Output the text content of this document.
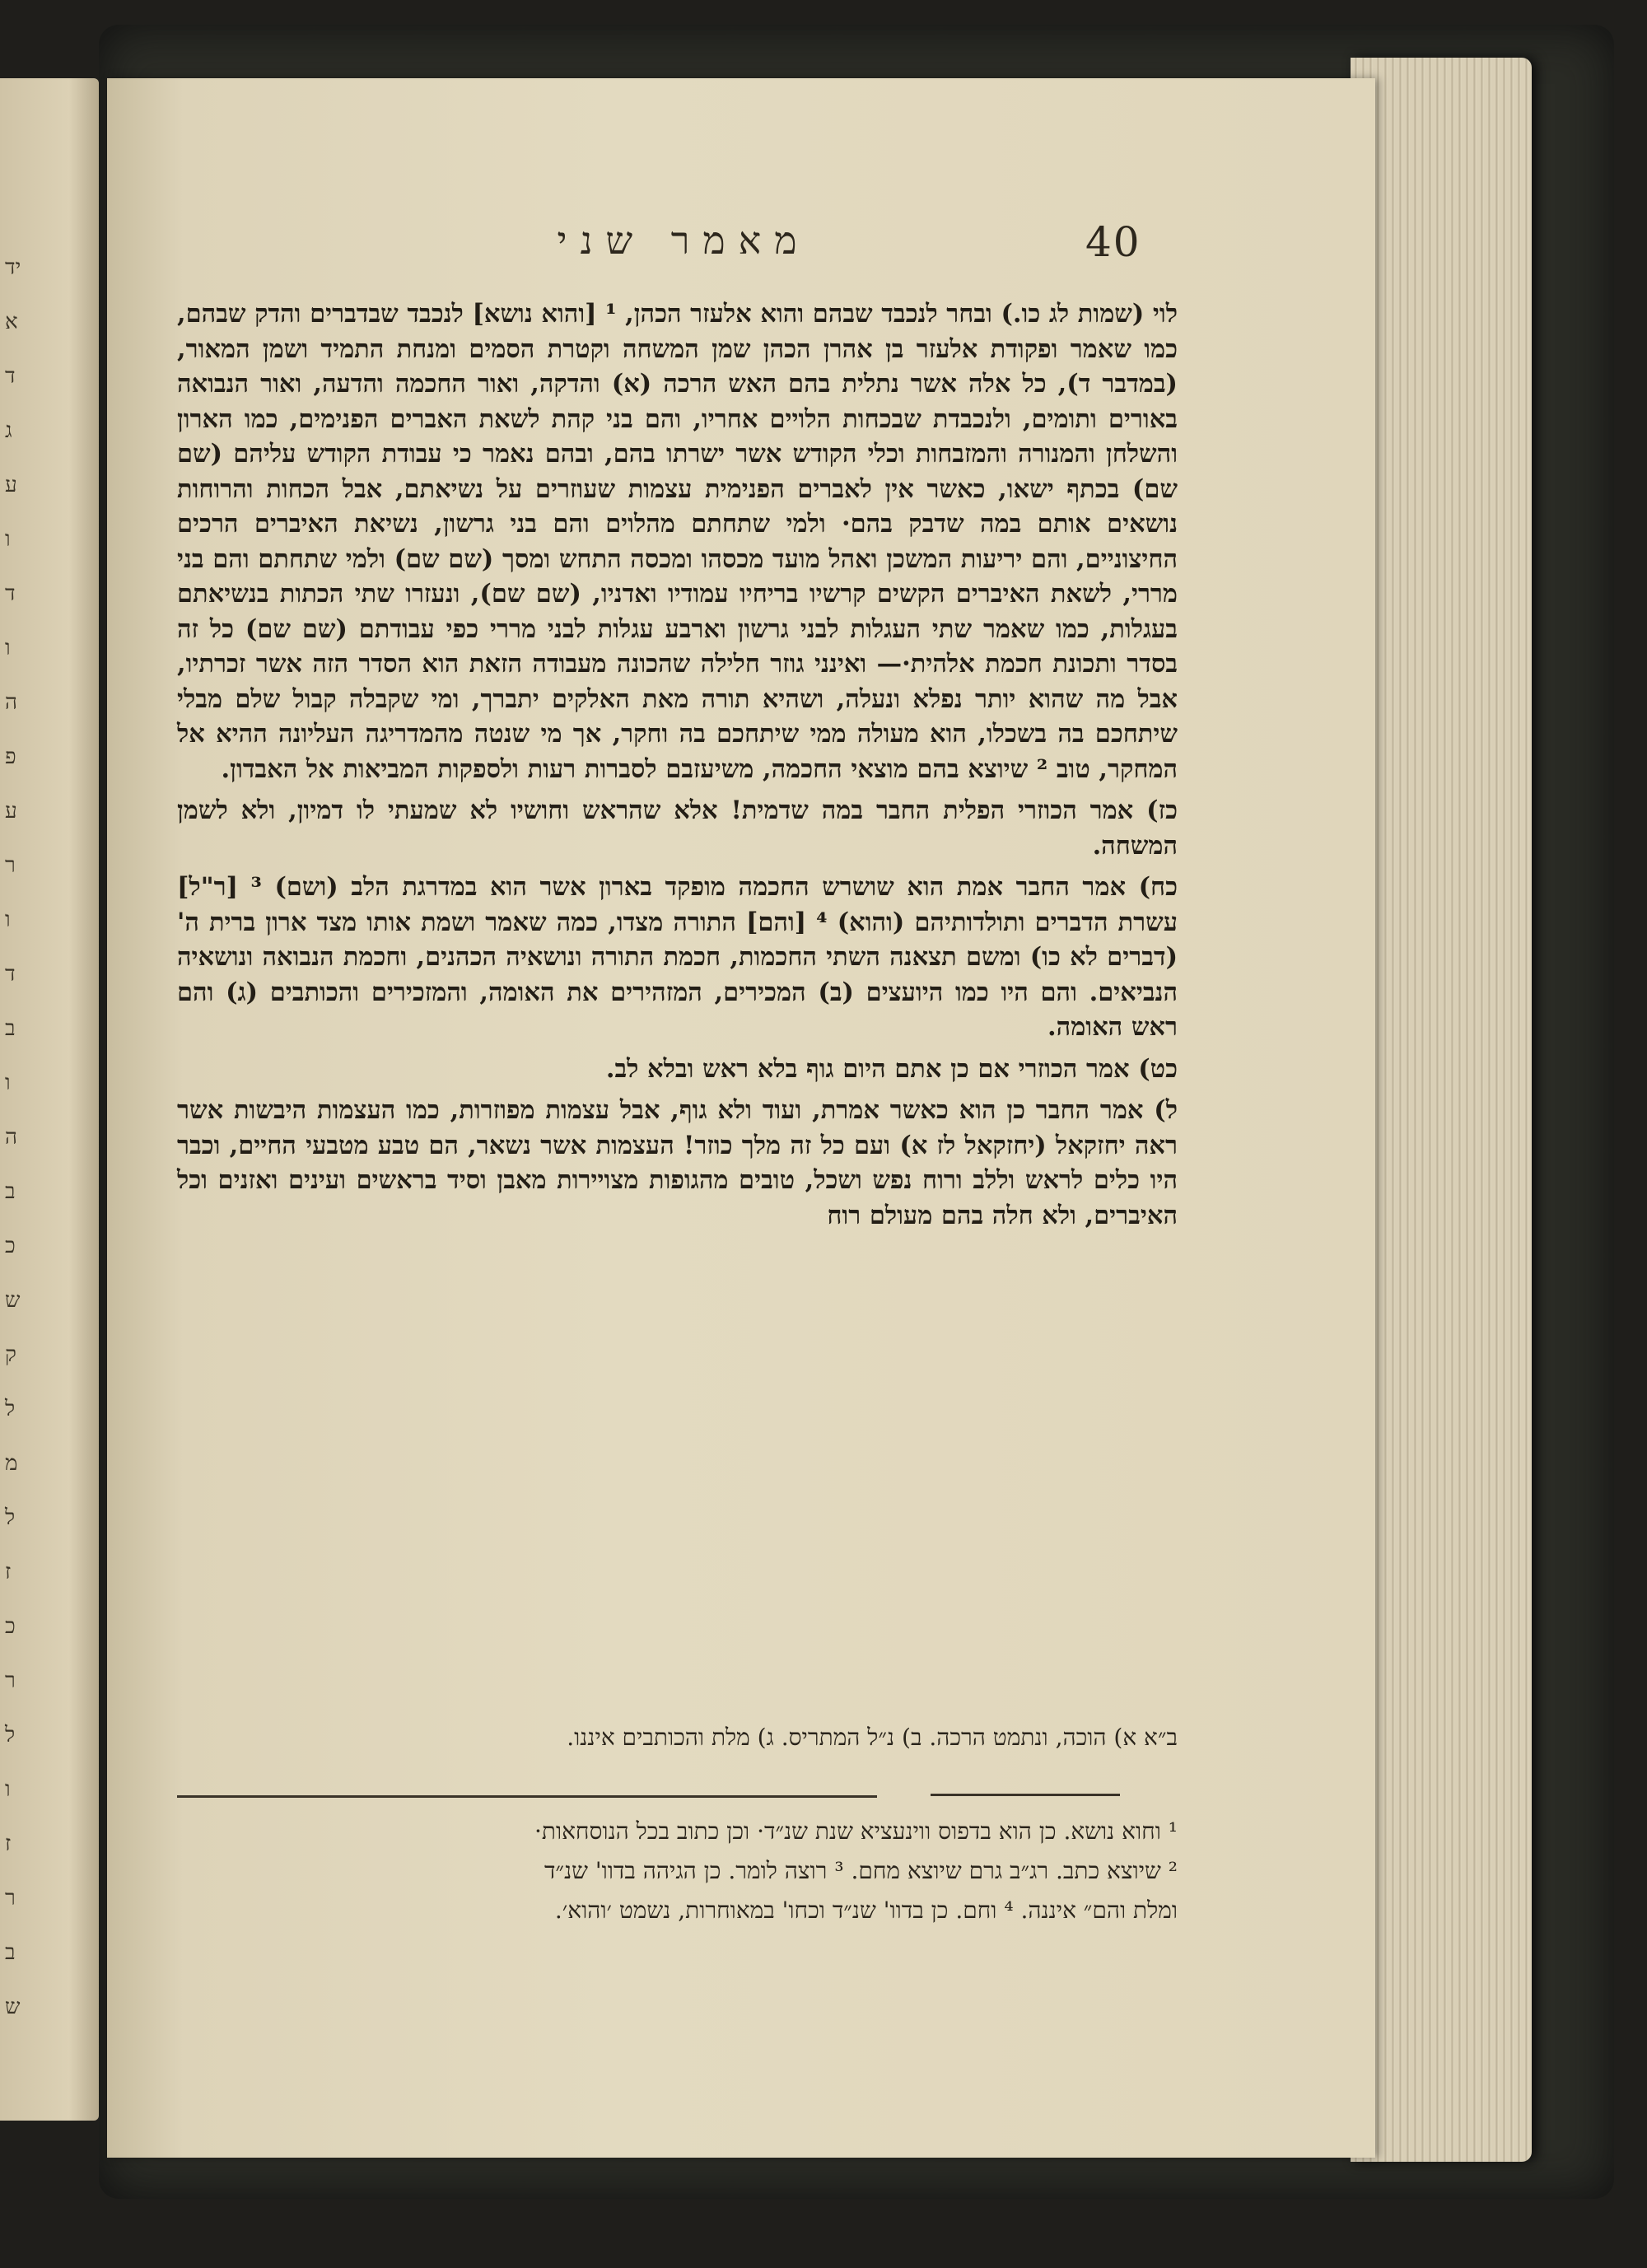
יד
א
ד
ג
ע
ו
ד
ו
ה
פ
ע
ר
ו
ד
ב
ו
ה
ב
כ
ש
ק
ל
מ
ל
ז
כ
ר
ל
ו
ז
ר
ב
ש
40
מאמר שני

לוי (שמות לג כו.) ובחר לנכבד שבהם והוא אלעזר הכהן, ¹ [והוא נושא] לנכבד שבדברים והדק שבהם, כמו שאמר ופקודת אלעזר בן אהרן הכהן שמן המשחה וקטרת הסמים ומנחת התמיד ושמן המאור, (במדבר ד), כל אלה אשר נתלית בהם האש הרכה (א) והדקה, ואור החכמה והדעה, ואור הנבואה באורים ותומים, ולנכבדת שבכחות הלויים אחריו, והם בני קהת לשאת האברים הפנימים, כמו הארון והשלחן והמנורה והמזבחות וכלי הקודש אשר ישרתו בהם, ובהם נאמר כי עבודת הקודש עליהם (שם שם) בכתף ישאו, כאשר אין לאברים הפנימית עצמות שעוזרים על נשיאתם, אבל הכחות והרוחות נושאים אותם במה שדבק בהם· ולמי שתחתם מהלוים והם בני גרשון, נשיאת האיברים הרכים החיצוניים, והם יריעות המשכן ואהל מועד מכסהו ומכסה התחש ומסך (שם שם) ולמי שתחתם והם בני מררי, לשאת האיברים הקשים קרשיו בריחיו עמודיו ואדניו, (שם שם), ונעזרו שתי הכתות בנשיאתם בעגלות, כמו שאמר שתי העגלות לבני גרשון וארבע עגלות לבני מררי כפי עבודתם (שם שם) כל זה בסדר ותכונת חכמת אלהית·— ואינני גוזר חלילה שהכונה מעבודה הזאת הוא הסדר הזה אשר זכרתיו, אבל מה שהוא יותר נפלא ונעלה, ושהיא תורה מאת האלקים יתברך, ומי שקבלה קבול שלם מבלי שיתחכם בה בשכלו, הוא מעולה ממי שיתחכם בה וחקר, אך מי שנטה מהמדריגה העליונה ההיא אל המחקר, טוב ² שיוצא בהם מוצאי החכמה, משיעזבם לסברות רעות ולספקות המביאות אל האבדון.

כז) אמר הכוזרי הפלית החבר במה שדמית! אלא שהראש וחושיו לא שמעתי לו דמיון, ולא לשמן המשחה.

כח) אמר החבר אמת הוא שושרש החכמה מופקד בארון אשר הוא במדרגת הלב (ושם) ³ [ר"ל] עשרת הדברים ותולדותיהם (והוא) ⁴ [והם] התורה מצדו, כמה שאמר ושמת אותו מצד ארון ברית ה' (דברים לא כו) ומשם תצאנה השתי החכמות, חכמת התורה ונושאיה הכהנים, וחכמת הנבואה ונושאיה הנביאים. והם היו כמו היועצים (ב) המכירים, המזהירים את האומה, והמזכירים והכותבים (ג) והם ראש האומה.

כט) אמר הכוזרי אם כן אתם היום גוף בלא ראש ובלא לב.

ל) אמר החבר כן הוא כאשר אמרת, ועוד ולא גוף, אבל עצמות מפוזרות, כמו העצמות היבשות אשר ראה יחזקאל (יחזקאל לז א) ועם כל זה מלך כוזר! העצמות אשר נשאר, הם טבע מטבעי החיים, וכבר היו כלים לראש וללב ורוח נפש ושכל, טובים מהגופות מצויירות מאבן וסיד בראשים ועינים ואזנים וכל האיברים, ולא חלה בהם מעולם רוח

ב״א א) הוכה, ונתמט הרכה. ב) נ״ל המתריס. ג) מלת והכותבים איננו.

¹ וחוא נושא. כן הוא בדפוס ווינעציא שנת שנ״ד· וכן כתוב בכל הנוסחאות·

² שיוצא כתב. רג״ב גרם שיוצא מחם. ³ רוצה לומר. כן הגיהה בדוו' שנ״ד

ומלת והם״ איננה. ⁴ וחם. כן בדוו' שנ״ד וכחו' במאוחרות, נשמט ׳והוא׳.
